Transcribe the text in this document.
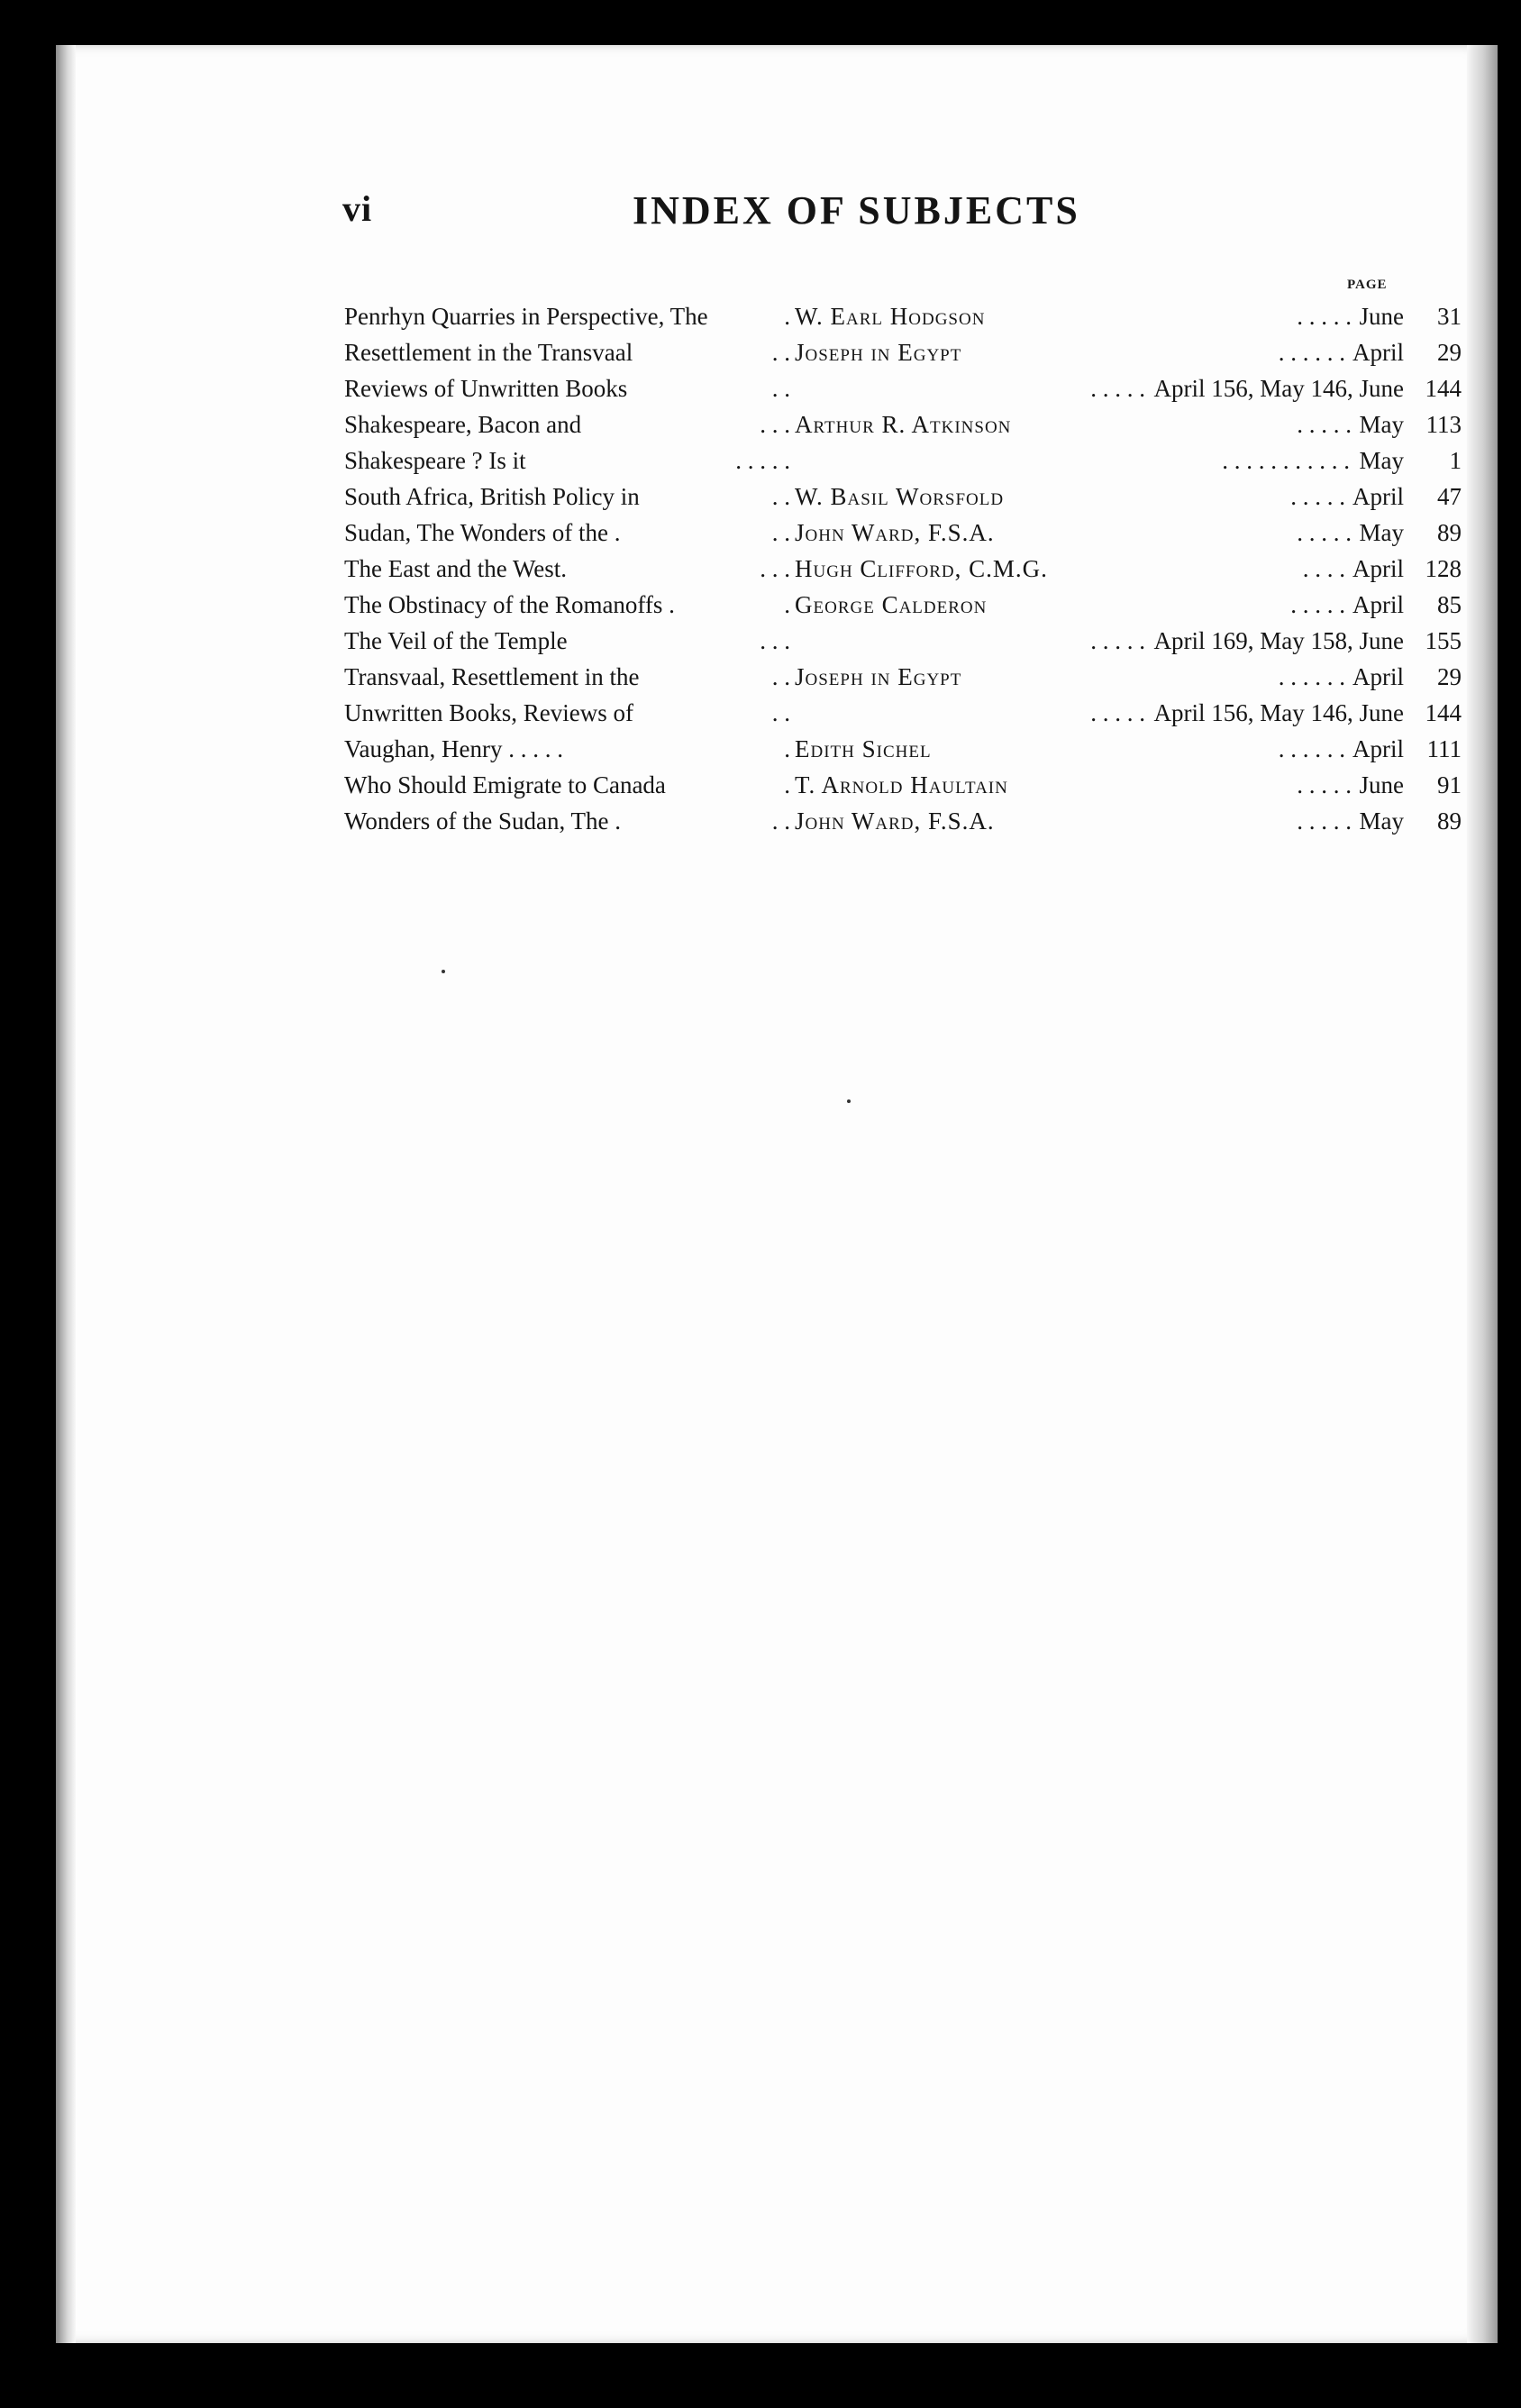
vi	INDEX OF SUBJECTS
PAGE
Penrhyn Quarries in Perspective, The	. W. Earl Hodgson	. . . . . June	31
Resettlement in the Transvaal	. . Joseph in Egypt	. . . . . . April	29
Reviews of Unwritten Books	. .	. . . . . April 156, May 146, June 144
Shakespeare, Bacon and	. . . Arthur R. Atkinson	. . . . . May 113
Shakespeare ? Is it	. . . . .	. . . . . . . . . . . May	1
South Africa, British Policy in	. . W. Basil Worsfold	. . . . . April	47
Sudan, The Wonders of the .	. . John Ward, F.S.A.	. . . . . May	89
The East and the West.	. . . Hugh Clifford, C.M.G.	. . . . April 128
The Obstinacy of the Romanoffs .	. George Calderon	. . . . . April	85
The Veil of the Temple	. . .	. . . . . April 169, May 158, June 155
Transvaal, Resettlement in the	. . Joseph in Egypt	. . . . . . April	29
Unwritten Books, Reviews of	. .	. . . . . April 156, May 146, June 144
Vaughan, Henry . . . . .	. Edith Sichel	. . . . . . April 111
Who Should Emigrate to Canada	. T. Arnold Haultain	. . . . . June	91
Wonders of the Sudan, The .	. . John Ward, F.S.A.	. . . . . May	89
